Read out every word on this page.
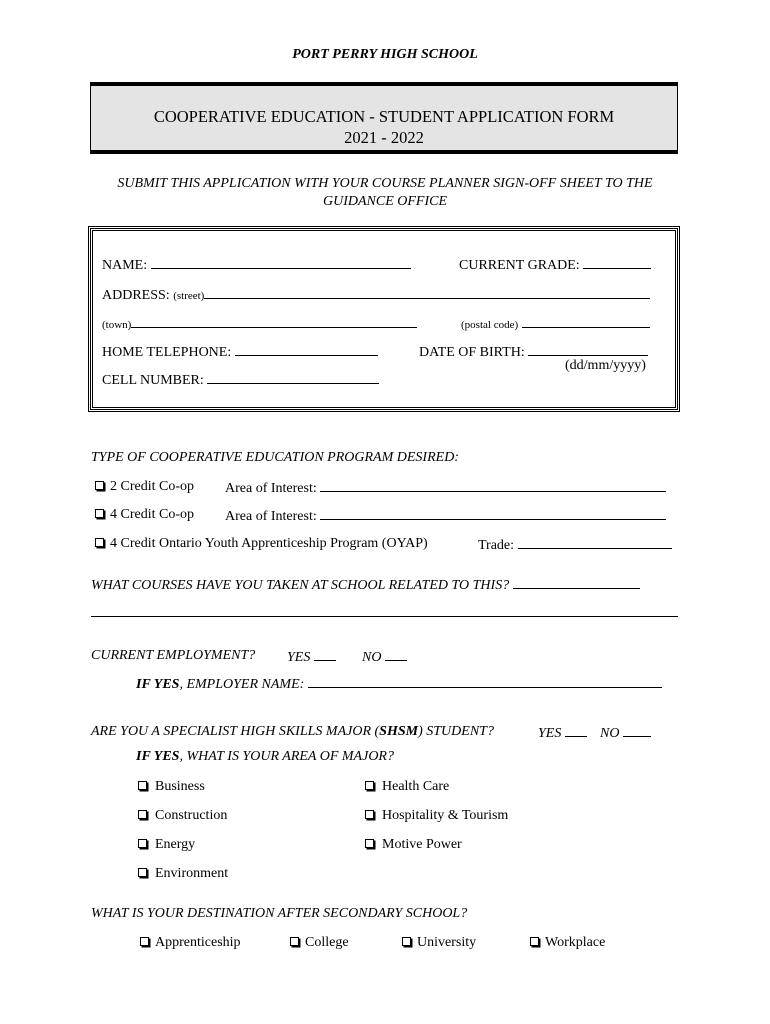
PORT PERRY HIGH SCHOOL
COOPERATIVE EDUCATION - STUDENT APPLICATION FORM
2021 - 2022
SUBMIT THIS APPLICATION WITH YOUR COURSE PLANNER SIGN-OFF SHEET TO THE
GUIDANCE OFFICE
NAME:	CURRENT GRADE:
ADDRESS: (street)
(town)	(postal code)
HOME TELEPHONE:	DATE OF BIRTH:
(dd/mm/yyyy)
CELL NUMBER:
TYPE OF COOPERATIVE EDUCATION PROGRAM DESIRED:
2 Credit Co-op Area of Interest:
4 Credit Co-op Area of Interest:
4 Credit Ontario Youth Apprenticeship Program (OYAP)	Trade:
WHAT COURSES HAVE YOU TAKEN AT SCHOOL RELATED TO THIS?
CURRENT EMPLOYMENT? YES	NO
IF YES, EMPLOYER NAME:
ARE YOU A SPECIALIST HIGH SKILLS MAJOR (SHSM) STUDENT?	YES	NO
IF YES, WHAT IS YOUR AREA OF MAJOR?
Business	Health Care
Construction	Hospitality & Tourism
Energy	Motive Power
Environment
WHAT IS YOUR DESTINATION AFTER SECONDARY SCHOOL?
Apprenticeship	College	University	Workplace
